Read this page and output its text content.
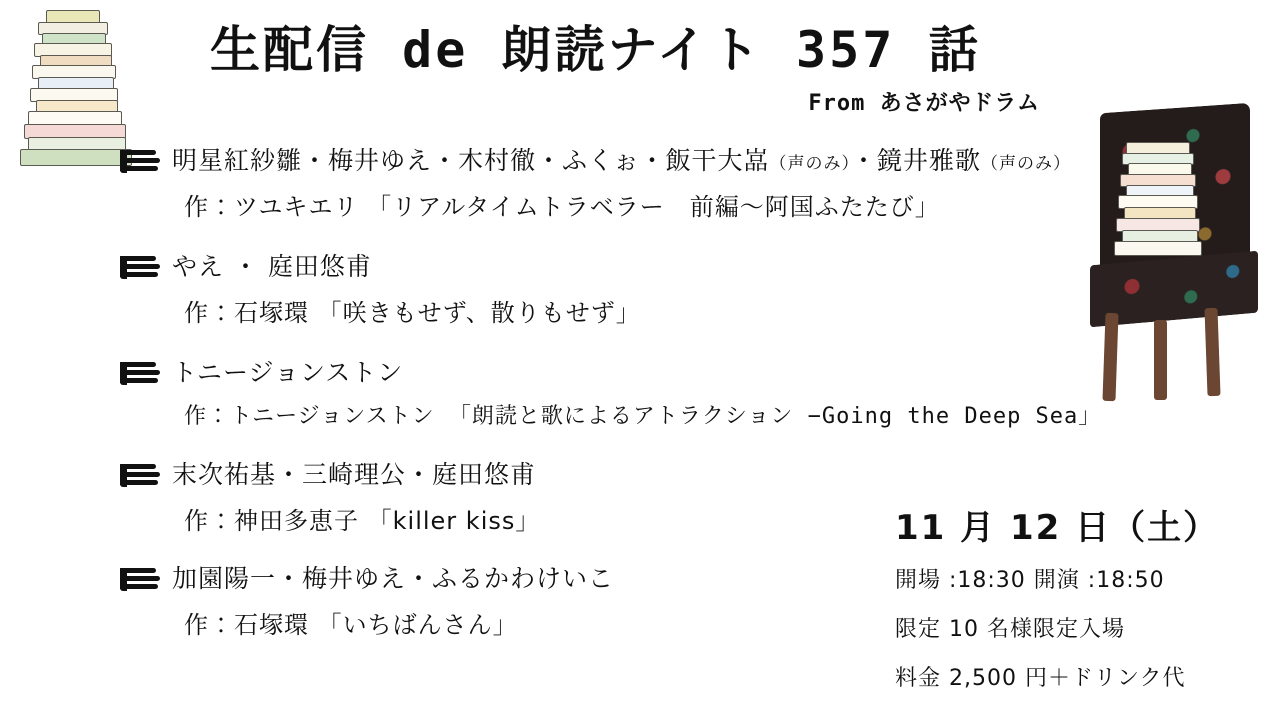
生配信 de 朗読ナイト 357 話
From あさがやドラム
明星紅紗雛・梅井ゆえ・木村徹・ふくぉ・飯干大嵓（声のみ）・鏡井雅歌（声のみ）
作：ツユキエリ 「リアルタイムトラベラー　前編〜阿国ふたたび」
やえ ・ 庭田悠甫
作：石塚環 「咲きもせず、散りもせず」
トニージョンストン
作：トニージョンストン 「朗読と歌によるアトラクション −Going the Deep Sea」
末次祐基・三崎理公・庭田悠甫
作：神田多恵子 「killer kiss」
加園陽一・梅井ゆえ・ふるかわけいこ
作：石塚環 「いちばんさん」
11 月 12 日（土）
開場 :18:30 開演 :18:50
限定 10 名様限定入場
料金 2,500 円＋ドリンク代
